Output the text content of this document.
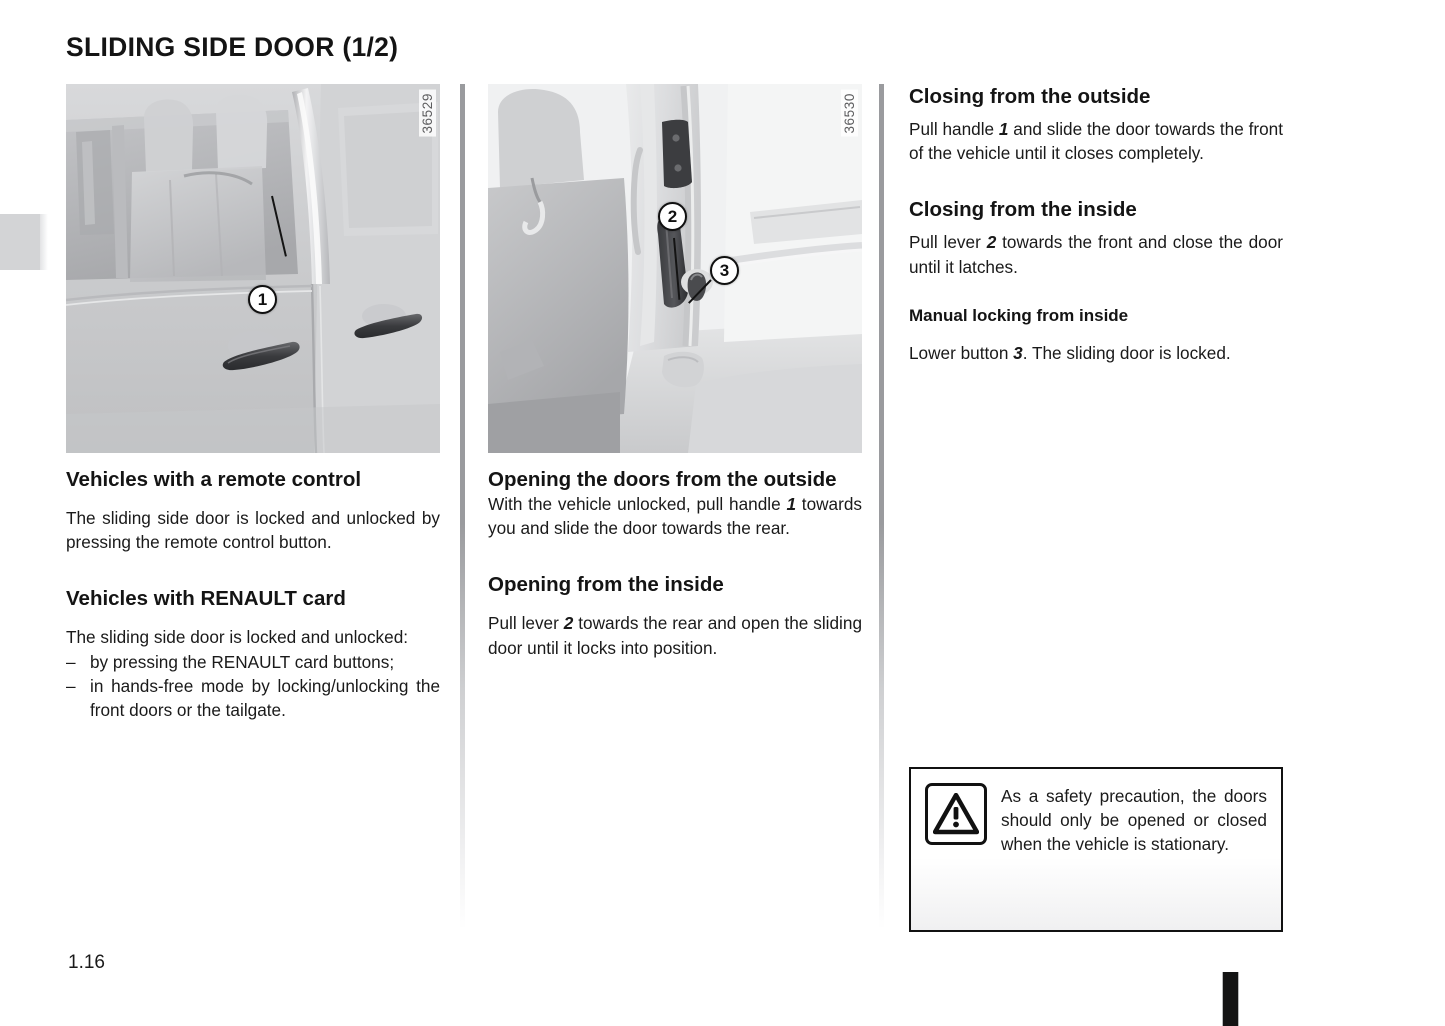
SLIDING SIDE DOOR (1/2)
36529
1
Vehicles with a remote control

The sliding side door is locked and unlocked by pressing the remote control button.

Vehicles with RENAULT card

The sliding side door is locked and unlocked:

– by pressing the RENAULT card buttons;
– in hands-free mode by locking/unlocking the front doors or the tailgate.
36530
2
3
Opening the doors from the outside

With the vehicle unlocked, pull handle 1 towards you and slide the door towards the rear.

Opening from the inside

Pull lever 2 towards the rear and open the sliding door until it locks into position.

Closing from the outside

Pull handle 1 and slide the door towards the front of the vehicle until it closes completely.

Closing from the inside

Pull lever 2 towards the front and close the door until it latches.

Manual locking from inside

Lower button 3. The sliding door is locked.

As a safety precaution, the doors should only be opened or closed when the vehicle is stationary.
1.16
